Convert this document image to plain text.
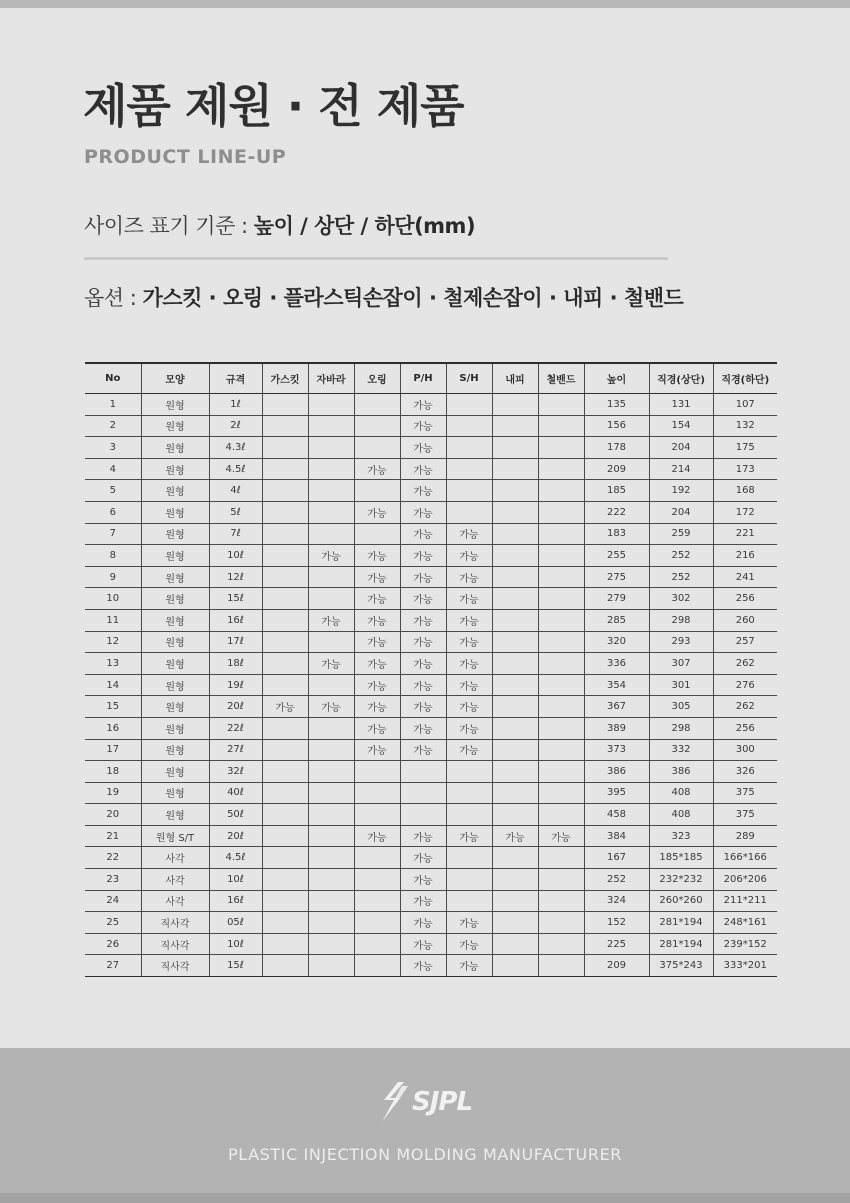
제품 제원 · 전 제품
PRODUCT LINE-UP
사이즈 표기 기준 : 높이 / 상단 / 하단(mm)
옵션 : 가스킷 · 오링 · 플라스틱손잡이 · 철제손잡이 · 내피 · 철밴드
No	모양	규격	가스킷	자바라	오링	P/H	S/H	내피	철밴드	높이	직경(상단)	직경(하단)
1	원형	1ℓ				가능				135	131	107
2	원형	2ℓ				가능				156	154	132
3	원형	4.3ℓ				가능				178	204	175
4	원형	4.5ℓ			가능	가능				209	214	173
5	원형	4ℓ				가능				185	192	168
6	원형	5ℓ			가능	가능				222	204	172
7	원형	7ℓ				가능	가능			183	259	221
8	원형	10ℓ		가능	가능	가능	가능			255	252	216
9	원형	12ℓ			가능	가능	가능			275	252	241
10	원형	15ℓ			가능	가능	가능			279	302	256
11	원형	16ℓ		가능	가능	가능	가능			285	298	260
12	원형	17ℓ			가능	가능	가능			320	293	257
13	원형	18ℓ		가능	가능	가능	가능			336	307	262
14	원형	19ℓ			가능	가능	가능			354	301	276
15	원형	20ℓ	가능	가능	가능	가능	가능			367	305	262
16	원형	22ℓ			가능	가능	가능			389	298	256
17	원형	27ℓ			가능	가능	가능			373	332	300
18	원형	32ℓ								386	386	326
19	원형	40ℓ								395	408	375
20	원형	50ℓ								458	408	375
21	원형 S/T	20ℓ			가능	가능	가능	가능	가능	384	323	289
22	사각	4.5ℓ				가능				167	185*185	166*166
23	사각	10ℓ				가능				252	232*232	206*206
24	사각	16ℓ				가능				324	260*260	211*211
25	직사각	05ℓ				가능	가능			152	281*194	248*161
26	직사각	10ℓ				가능	가능			225	281*194	239*152
27	직사각	15ℓ				가능	가능			209	375*243	333*201
SJPL
PLASTIC INJECTION MOLDING MANUFACTURER
